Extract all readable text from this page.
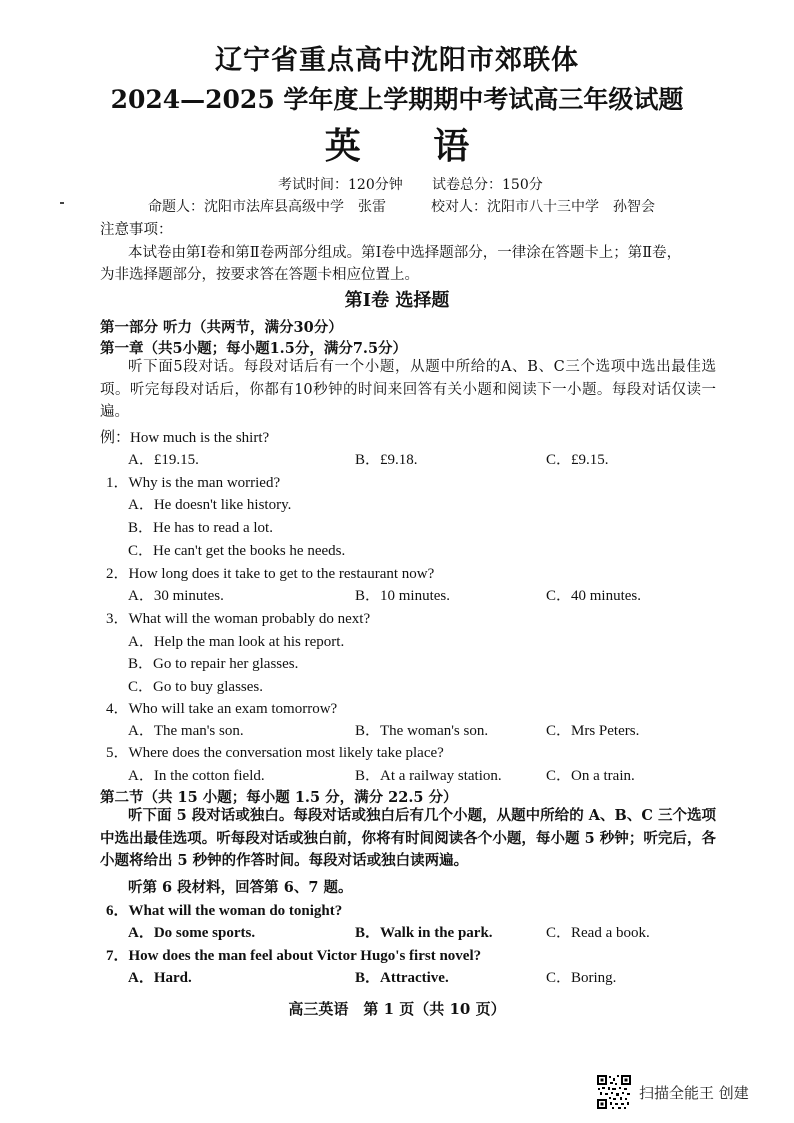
辽宁省重点高中沈阳市郊联体
2024—2025 学年度上学期期中考试高三年级试题
英 语
考试时间：120分钟 试卷总分：150分
命题人：沈阳市法库县高级中学　张雷	校对人：沈阳市八十三中学　孙智会
注意事项：
本试卷由第Ⅰ卷和第Ⅱ卷两部分组成。第Ⅰ卷中选择题部分，一律涂在答题卡上；第Ⅱ卷，
为非选择题部分，按要求答在答题卡相应位置上。
第Ⅰ卷 选择题
第一部分 听力（共两节，满分30分）
第一章（共5小题；每小题1.5分，满分7.5分）
听下面5段对话。每段对话后有一个小题，从题中所给的A、B、C三个选项中选出最佳选项。听完每段对话后，你都有10秒钟的时间来回答有关小题和阅读下一小题。每段对话仅读一遍。
例：How much is the shirt?
A．£19.15.	B．£9.18.	C．£9.15.
1．Why is the man worried?
A．He doesn't like history.
B．He has to read a lot.
C．He can't get the books he needs.
2．How long does it take to get to the restaurant now?
A．30 minutes.	B．10 minutes.	C．40 minutes.
3．What will the woman probably do next?
A．Help the man look at his report.
B．Go to repair her glasses.
C．Go to buy glasses.
4．Who will take an exam tomorrow?
A．The man's son.	B．The woman's son.	C．Mrs Peters.
5．Where does the conversation most likely take place?
A．In the cotton field.	B．At a railway station.	C．On a train.
第二节（共 15 小题；每小题 1.5 分，满分 22.5 分）
听下面 5 段对话或独白。每段对话或独白后有几个小题，从题中所给的 A、B、C 三个选项中选出最佳选项。听每段对话或独白前，你将有时间阅读各个小题，每小题 5 秒钟；听完后，各小题将给出 5 秒钟的作答时间。每段对话或独白读两遍。
听第 6 段材料，回答第 6、7 题。
6．What will the woman do tonight?
A．Do some sports.	B．Walk in the park.	C．Read a book.
7．How does the man feel about Victor Hugo's first novel?
A．Hard.	B．Attractive.	C．Boring.
高三英语　第 1 页（共 10 页）
扫描全能王 创建
